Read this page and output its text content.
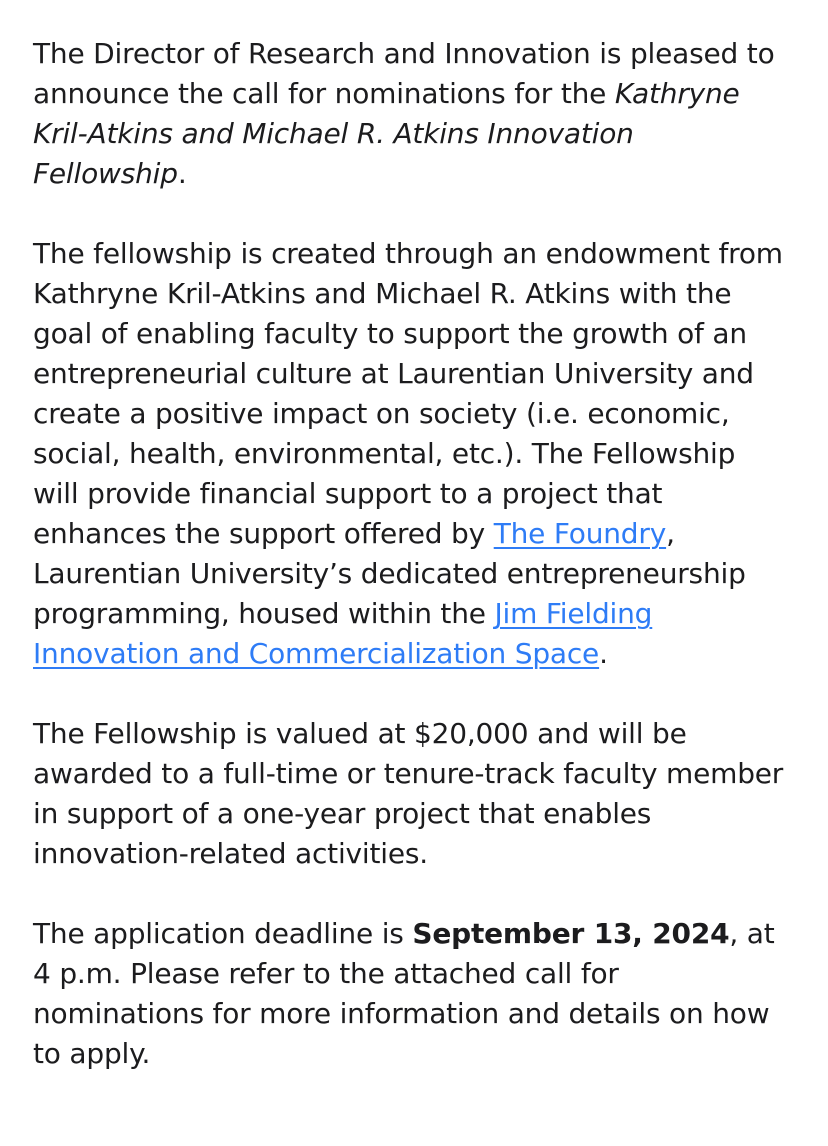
The Director of Research and Innovation is pleased to announce the call for nominations for the Kathryne Kril-Atkins and Michael R. Atkins Innovation Fellowship.

The fellowship is created through an endowment from Kathryne Kril-Atkins and Michael R. Atkins with the goal of enabling faculty to support the growth of an entrepreneurial culture at Laurentian University and create a positive impact on society (i.e. economic, social, health, environmental, etc.). The Fellowship will provide financial support to a project that enhances the support offered by The Foundry, Laurentian University’s dedicated entrepreneurship programming, housed within the Jim Fielding Innovation and Commercialization Space.

The Fellowship is valued at $20,000 and will be awarded to a full-time or tenure-track faculty member in support of a one-year project that enables innovation-related activities.

The application deadline is September 13, 2024, at 4 p.m. Please refer to the attached call for nominations for more information and details on how to apply.
